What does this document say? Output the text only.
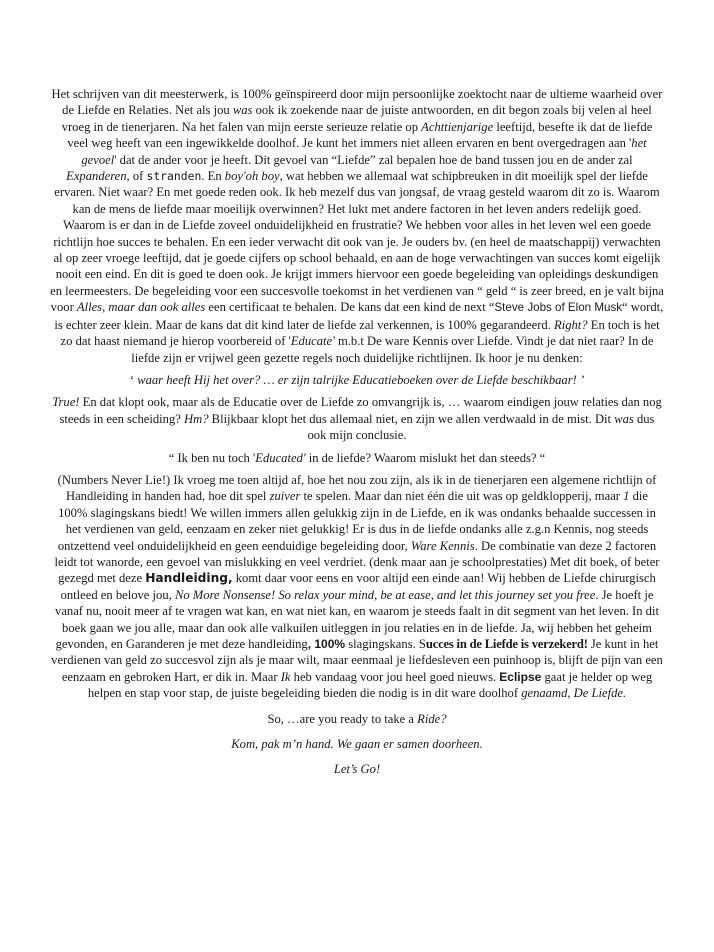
Het schrijven van dit meesterwerk, is 100% geïnspireerd door mijn persoonlijke zoektocht naar de ultieme waarheid over de Liefde en Relaties. Net als jou was ook ik zoekende naar de juiste antwoorden, en dit begon zoals bij velen al heel vroeg in de tienerjaren. Na het falen van mijn eerste serieuze relatie op Achttienjarige leeftijd, besefte ik dat de liefde veel weg heeft van een ingewikkelde doolhof. Je kunt het immers niet alleen ervaren en bent overgedragen aan 'het gevoel' dat de ander voor je heeft. Dit gevoel van “Liefde” zal bepalen hoe de band tussen jou en de ander zal Expanderen, of stranden. En boy'oh boy, wat hebben we allemaal wat schipbreuken in dit moeilijk spel der liefde ervaren. Niet waar? En met goede reden ook. Ik heb mezelf dus van jongsaf, de vraag gesteld waarom dit zo is. Waarom kan de mens de liefde maar moeilijk overwinnen? Het lukt met andere factoren in het leven anders redelijk goed. Waarom is er dan in de Liefde zoveel onduidelijkheid en frustratie? We hebben voor alles in het leven wel een goede richtlijn hoe succes te behalen. En een ieder verwacht dit ook van je. Je ouders bv. (en heel de maatschappij) verwachten al op zeer vroege leeftijd, dat je goede cijfers op school behaald, en aan de hoge verwachtingen van succes komt eigelijk nooit een eind. En dit is goed te doen ook. Je krijgt immers hiervoor een goede begeleiding van opleidings deskundigen en leermeesters. De begeleiding voor een succesvolle toekomst in het verdienen van “ geld “ is zeer breed, en je valt bijna voor Alles, maar dan ook alles een certificaat te behalen. De kans dat een kind de next “Steve Jobs of Elon Musk“ wordt, is echter zeer klein. Maar de kans dat dit kind later de liefde zal verkennen, is 100% gegarandeerd. Right? En toch is het zo dat haast niemand je hierop voorbereid of 'Educate' m.b.t De ware Kennis over Liefde. Vindt je dat niet raar? In de liefde zijn er vrijwel geen gezette regels noch duidelijke richtlijnen. Ik hoor je nu denken:

‘ waar heeft Hij het over? … er zijn talrijke Educatieboeken over de Liefde beschikbaar! ’

True! En dat klopt ook, maar als de Educatie over de Liefde zo omvangrijk is, … waarom eindigen jouw relaties dan nog steeds in een scheiding? Hm? Blijkbaar klopt het dus allemaal niet, en zijn we allen verdwaald in de mist. Dit was dus ook mijn conclusie.

“ Ik ben nu toch 'Educated' in de liefde? Waarom mislukt het dan steeds? “

(Numbers Never Lie!) Ik vroeg me toen altijd af, hoe het nou zou zijn, als ik in de tienerjaren een algemene richtlijn of Handleiding in handen had, hoe dit spel zuiver te spelen. Maar dan niet één die uit was op geldklopperij, maar 1 die 100% slagingskans biedt! We willen immers allen gelukkig zijn in de Liefde, en ik was ondanks behaalde successen in het verdienen van geld, eenzaam en zeker niet gelukkig! Er is dus in de liefde ondanks alle z.g.n Kennis, nog steeds ontzettend veel onduidelijkheid en geen eenduidige begeleiding door, Ware Kennis. De combinatie van deze 2 factoren leidt tot wanorde, een gevoel van mislukking en veel verdriet. (denk maar aan je schoolprestaties) Met dit boek, of beter gezegd met deze Handleiding, komt daar voor eens en voor altijd een einde aan! Wij hebben de Liefde chirurgisch ontleed en belove jou, No More Nonsense! So relax your mind, be at ease, and let this journey set you free. Je hoeft je vanaf nu, nooit meer af te vragen wat kan, en wat niet kan, en waarom je steeds faalt in dit segment van het leven. In dit boek gaan we jou alle, maar dan ook alle valkuilen uitleggen in jou relaties en in de liefde. Ja, wij hebben het geheim gevonden, en Garanderen je met deze handleiding, 100% slagingskans. Succes in de Liefde is verzekerd! Je kunt in het verdienen van geld zo succesvol zijn als je maar wilt, maar eenmaal je liefdesleven een puinhoop is, blijft de pijn van een eenzaam en gebroken Hart, er dik in. Maar Ik heb vandaag voor jou heel goed nieuws. Eclipse gaat je helder op weg helpen en stap voor stap, de juiste begeleiding bieden die nodig is in dit ware doolhof genaamd, De Liefde.

So, …are you ready to take a Ride?

Kom, pak m’n hand. We gaan er samen doorheen.

Let’s Go!
